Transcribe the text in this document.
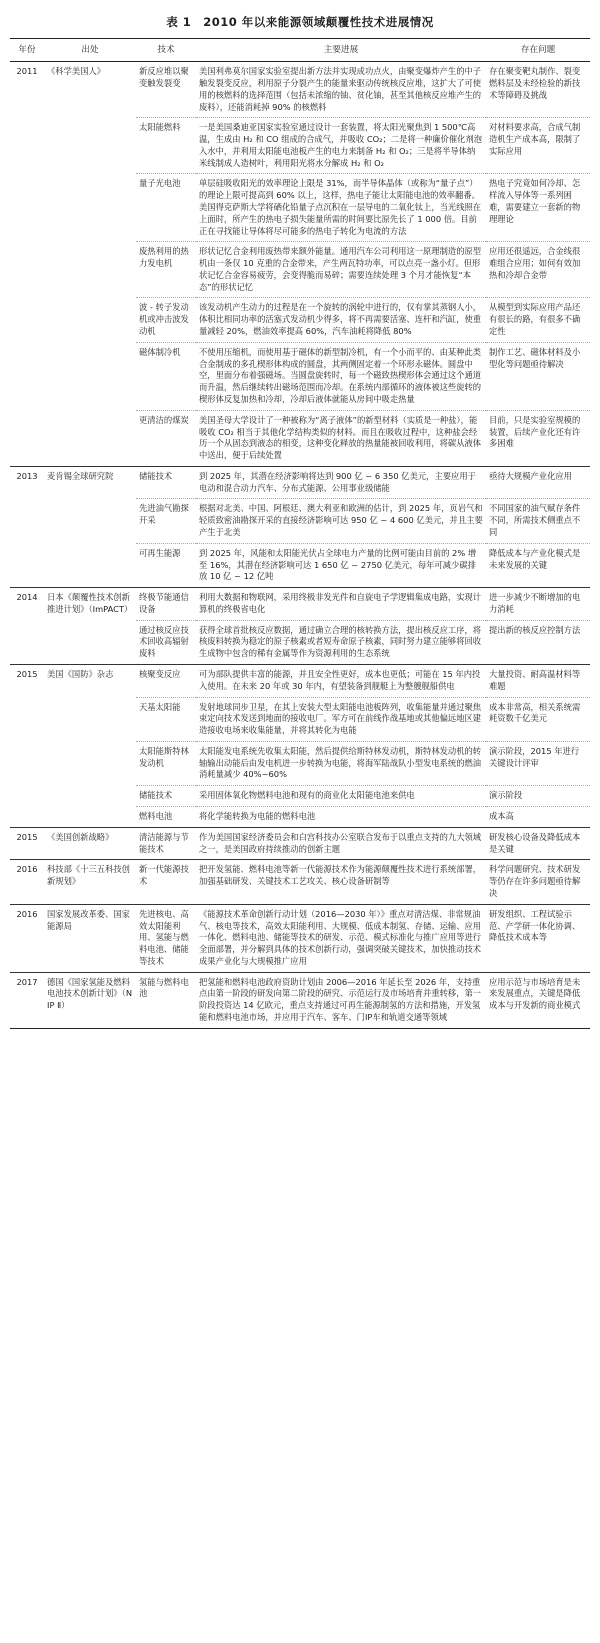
表 1　2010 年以来能源领域颠覆性技术进展情况
年份	出处	技术	主要进展	存在问题
2011	《科学美国人》	新反应堆以聚变触发裂变	美国利弗莫尔国家实验室提出新方法并实现成功点火，由聚变爆炸产生的中子触发裂变反应，利用原子分裂产生的能量来驱动传统核反应堆，这扩大了可使用的核燃料的选择范围（包括未浓缩的铀、贫化铀，甚至其他核反应堆产生的废料），还能消耗掉 90% 的核燃料	存在聚变靶丸制作、裂变燃料层及未经检验的新技术等障碍及挑战
		太阳能燃料	一是美国桑迪亚国家实验室通过设计一套装置，将太阳光聚焦到 1 500℃高温，生成由 H₂ 和 CO 组成的合成气，并吸收 CO₂；二是将一种廉价催化剂泡入水中，并利用太阳能电池板产生的电力来制备 H₂ 和 O₂；三是将半导体纳米线制成人造树叶，利用阳光将水分解成 H₂ 和 O₂	对材料要求高，合成气制造机生产成本高，限制了实际应用
		量子光电池	单层硅吸收阳光的效率理论上限是 31%，而半导体晶体（或称为“量子点”）的理论上限可提高到 60% 以上，这样，热电子能让太阳能电池的效率翻番。美国得克萨斯大学将硒化铅量子点沉积在一层导电的二氧化钛上，当光线照在上面时，所产生的热电子损失能量所需的时间要比原先长了 1 000 倍。目前正在寻找能让导体将尽可能多的热电子转化为电流的方法	热电子究竟如何冷却、怎样流入导体等一系列困难，需要建立一套新的物理理论
		废热利用的热力发电机	形状记忆合金利用废热带来额外能量。通用汽车公司利用这一原理制造的原型机由一条仅 10 克重的合金带来，产生两瓦特功率，可以点亮一盏小灯。但形状记忆合金容易疲劳，会变得脆而易碎；需要连续处理 3 个月才能恢复“本态”的形状记忆	应用还很遥远，合金线很难组合应用；如何有效加热和冷却合金带
		波 - 转子发动机或冲击波发动机	该发动机产生动力的过程是在一个旋转的涡轮中进行的，仅有掌其蒸钢人小，体积比相同功率的活塞式发动机少得多，将不再需要活塞、连杆和汽缸，使重量减轻 20%，燃油效率提高 60%，汽车油耗将降低 80%	从模型到实际应用产品还有很长的路，有很多不确定性
		磁体制冷机	不使用压缩机，而使用基于磁体的新型制冷机，有一个小而平的、由某种此类合金制成的多孔楔形体构成的圆盘，其两侧固定着一个环形永磁体。圆盘中空，里面分布着强磁场。当圆盘旋转时，每一个磁致热楔形体会通过这个通道而升温，然后继续转出磁场范围而冷却。在系统内部循环的液体被这些旋转的楔形体反复加热和冷却，冷却后液体就能从房间中吸走热量	制作工艺、磁体材料及小型化等问题亟待解决
		更清洁的煤炭	美国圣母大学设计了一种被称为“离子液体”的新型材料（实质是一种盐），能吸收 CO₂ 相当于其他化学结构类似的材料。而且在吸收过程中，这种盐会经历一个从固态到液态的相变，这种变化释放的热量能被回收利用，将碳从液体中送出，便于后续处置	目前，只是实验室规模的装置，后续产业化还有许多困难
2013	麦肯锡全球研究院	储能技术	到 2025 年，其潜在经济影响将达到 900 亿 ~ 6 350 亿美元，主要应用于电动和混合动力汽车、分布式能源、公用事业级储能	亟待大规模产业化应用
		先进油气勘探开采	根据对北美、中国、阿根廷、澳大利亚和欧洲的估计，到 2025 年，页岩气和轻质致密油勘探开采的直接经济影响可达 950 亿 ~ 4 600 亿美元，并且主要产生于北美	不同国家的油气赋存条件不同，所需技术侧重点不同
		可再生能源	到 2025 年，风能和太阳能光伏占全球电力产量的比例可能由目前的 2% 增至 16%，其潜在经济影响可达 1 650 亿 ~ 2750 亿美元，每年可减少碳排放 10 亿 ~ 12 亿吨	降低成本与产业化模式是未来发展的关键
2014	日本《颠覆性技术创新推进计划》（ImPACT）	终极节能通信设备	利用大数据和物联网，采用终极非发光件和自旋电子学逻辑集成电路，实现计算机的终极省电化	进一步减少不断增加的电力消耗
		通过核反应技术回收高辐射废料	获得全球首批核反应数据，通过确立合理的核转换方法，提出核反应工序，将核废料转换为稳定的原子核素或者短寿命原子核素，同时努力建立能够将回收生成物中包含的稀有金属等作为资源利用的生态系统	提出新的核反应控制方法
2015	美国《国防》杂志	核聚变反应	可为部队提供丰富的能源，并且安全性更好，成本也更低；可能在 15 年内投入使用。在未来 20 年或 30 年内，有望装备到舰艇上为整艘舰船供电	大量投资、耐高温材料等难题
		天基太阳能	发射地球同步卫星，在其上安装大型太阳能电池板阵列，收集能量并通过聚焦束定向技术发送到地面的接收电厂。军方可在前线作战基地或其他偏远地区建造接收电场来收集能量，并将其转化为电能	成本非常高，相关系统需耗资数千亿美元
		太阳能斯特林发动机	太阳能发电系统先收集太阳能，然后提供给斯特林发动机，斯特林发动机的转轴输出动能后由发电机进一步转换为电能，将海军陆战队小型发电系统的燃油消耗量减少 40%~60%	演示阶段，2015 年进行关键设计评审
		储能技术	采用固体氧化物燃料电池和现有的商业化太阳能电池来供电	演示阶段
		燃料电池	将化学能转换为电能的燃料电池	成本高
2015	《美国创新战略》	清洁能源与节能技术	作为美国国家经济委员会和白宫科技办公室联合发布于以重点支持的九大领域之一，是美国政府持续推动的创新主题	研发核心设备及降低成本是关键
2016	科技部《十三五科技创新规划》	新一代能源技术	把开发氢能、燃料电池等新一代能源技术作为能源颠覆性技术进行系统部署，加强基础研发、关键技术工艺攻关、核心设备研制等	科学问题研究、技术研发等仍存在许多问题亟待解决
2016	国家发展改革委、国家能源局	先进核电、高效太阳能利用、氢能与燃料电池、储能等技术	《能源技术革命创新行动计划（2016—2030 年）》重点对清洁煤、非常规油气、核电等技术，高效太阳能利用、大规模、低成本制氢、存储、运输、应用一体化、燃料电池、储能等技术的研发、示范、模式标准化与推广应用等进行全面部署，并分解到具体的技术创新行动，强调突破关键技术，加快推动技术成果产业化与大规模推广应用	研发组织、工程试验示范、产学研一体化协调、降低技术成本等
2017	德国《国家氢能及燃料电池技术创新计划》（NIP Ⅱ）	氢能与燃料电池	把氢能和燃料电池政府资助计划由 2006—2016 年延长至 2026 年，支持重点由第一阶段的研发向第二阶段的研究、示范运行及市场培育并重转移，第一阶段投资达 14 亿欧元，重点支持通过可再生能源制氢的方法和措施，开发氢能和燃料电池市场，并应用于汽车、客车、门IP车和轨道交通等领域	应用示范与市场培育是未来发展重点，关键是降低成本与开发新的商业模式
